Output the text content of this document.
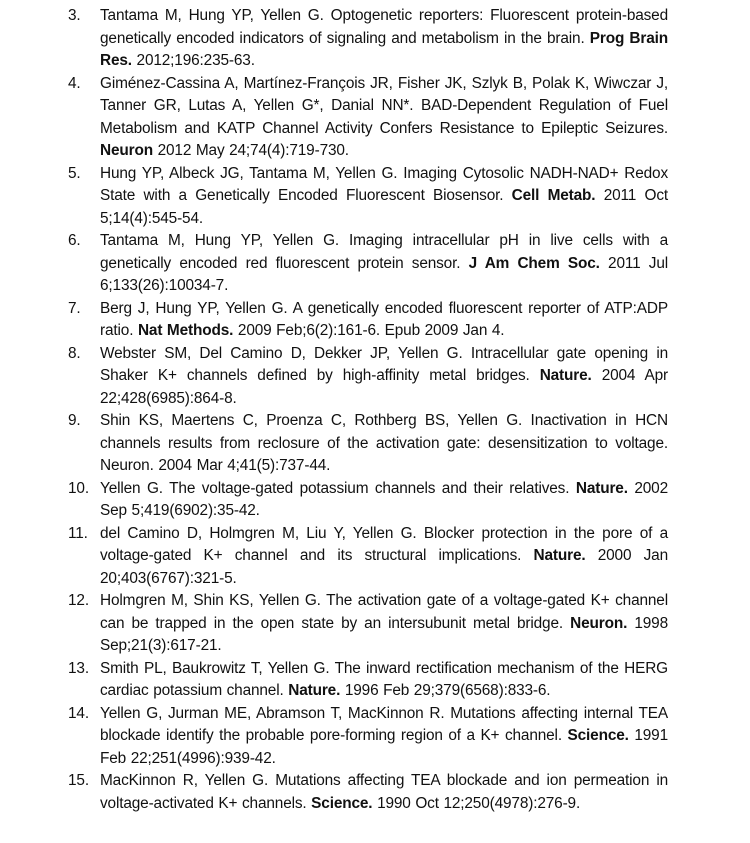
3. Tantama M, Hung YP, Yellen G. Optogenetic reporters: Fluorescent protein-based genetically encoded indicators of signaling and metabolism in the brain. Prog Brain Res. 2012;196:235-63.
4. Giménez-Cassina A, Martínez-François JR, Fisher JK, Szlyk B, Polak K, Wiwczar J, Tanner GR, Lutas A, Yellen G*, Danial NN*. BAD-Dependent Regulation of Fuel Metabolism and KATP Channel Activity Confers Resistance to Epileptic Seizures. Neuron 2012 May 24;74(4):719-730.
5. Hung YP, Albeck JG, Tantama M, Yellen G. Imaging Cytosolic NADH-NAD+ Redox State with a Genetically Encoded Fluorescent Biosensor. Cell Metab. 2011 Oct 5;14(4):545-54.
6. Tantama M, Hung YP, Yellen G. Imaging intracellular pH in live cells with a genetically encoded red fluorescent protein sensor. J Am Chem Soc. 2011 Jul 6;133(26):10034-7.
7. Berg J, Hung YP, Yellen G. A genetically encoded fluorescent reporter of ATP:ADP ratio. Nat Methods. 2009 Feb;6(2):161-6. Epub 2009 Jan 4.
8. Webster SM, Del Camino D, Dekker JP, Yellen G. Intracellular gate opening in Shaker K+ channels defined by high-affinity metal bridges. Nature. 2004 Apr 22;428(6985):864-8.
9. Shin KS, Maertens C, Proenza C, Rothberg BS, Yellen G. Inactivation in HCN channels results from reclosure of the activation gate: desensitization to voltage. Neuron. 2004 Mar 4;41(5):737-44.
10. Yellen G. The voltage-gated potassium channels and their relatives. Nature. 2002 Sep 5;419(6902):35-42.
11. del Camino D, Holmgren M, Liu Y, Yellen G. Blocker protection in the pore of a voltage-gated K+ channel and its structural implications. Nature. 2000 Jan 20;403(6767):321-5.
12. Holmgren M, Shin KS, Yellen G. The activation gate of a voltage-gated K+ channel can be trapped in the open state by an intersubunit metal bridge. Neuron. 1998 Sep;21(3):617-21.
13. Smith PL, Baukrowitz T, Yellen G. The inward rectification mechanism of the HERG cardiac potassium channel. Nature. 1996 Feb 29;379(6568):833-6.
14. Yellen G, Jurman ME, Abramson T, MacKinnon R. Mutations affecting internal TEA blockade identify the probable pore-forming region of a K+ channel. Science. 1991 Feb 22;251(4996):939-42.
15. MacKinnon R, Yellen G. Mutations affecting TEA blockade and ion permeation in voltage-activated K+ channels. Science. 1990 Oct 12;250(4978):276-9.
